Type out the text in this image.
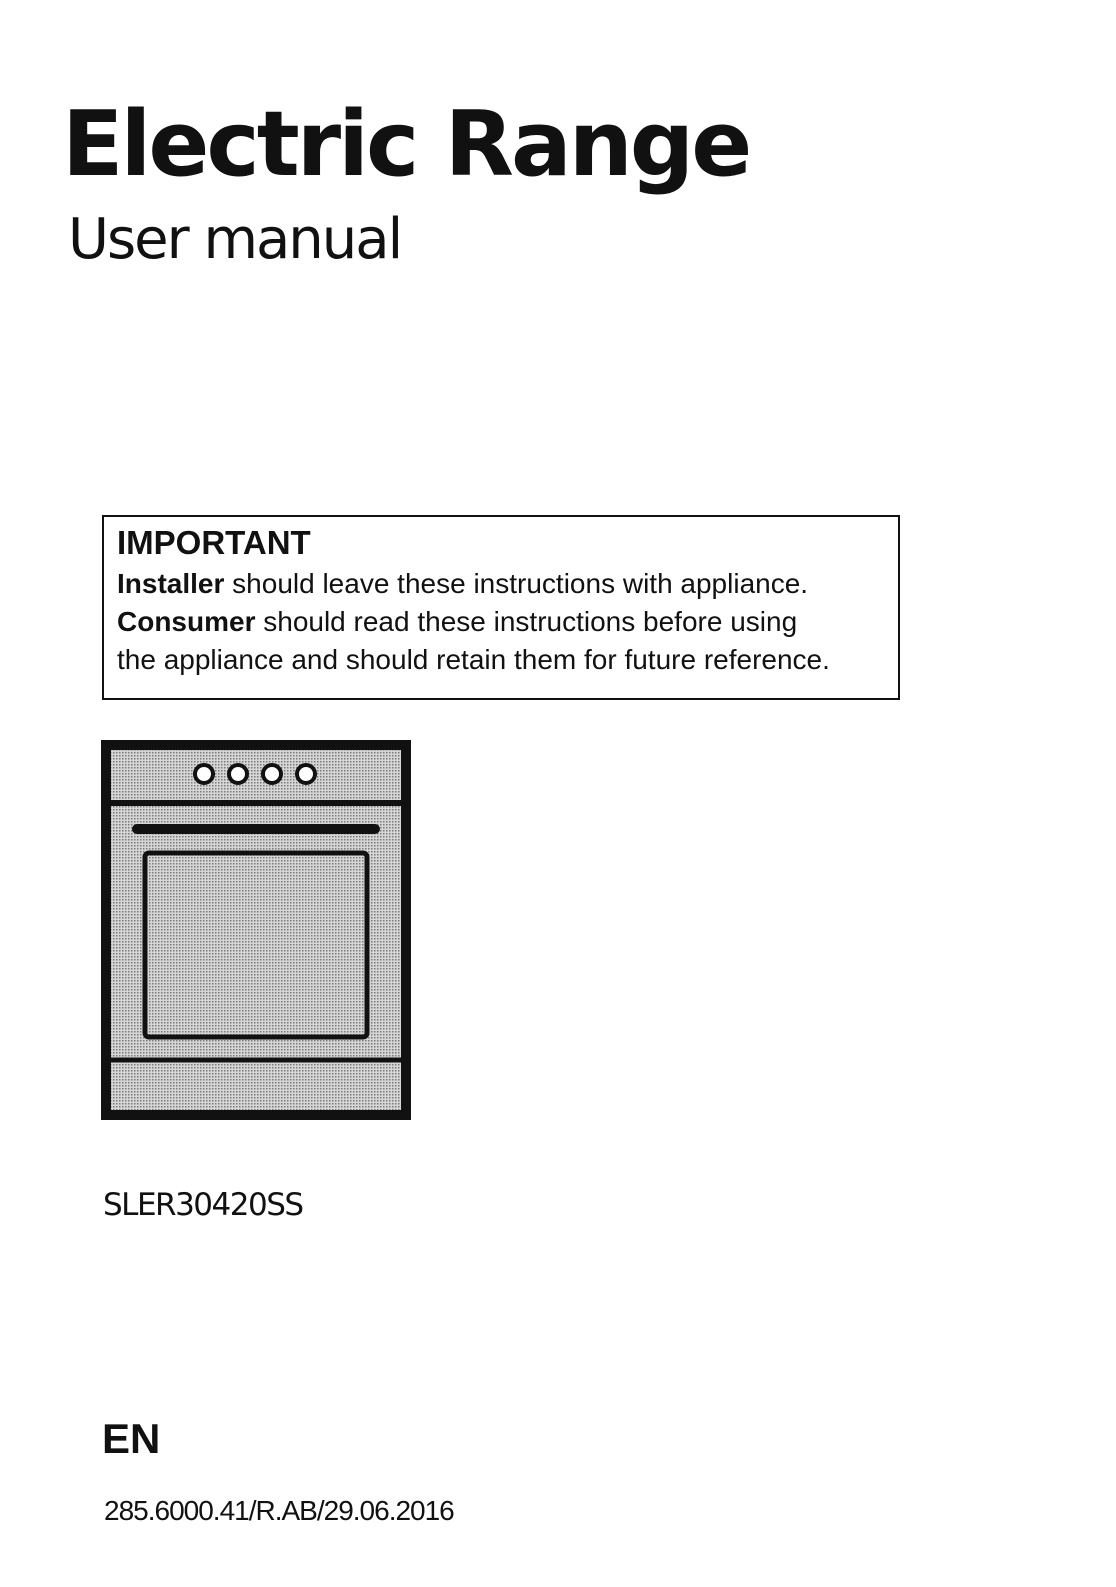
Electric Range
User manual
IMPORTANT
Installer should leave these instructions with appliance.
Consumer should read these instructions before using
the appliance and should retain them for future reference.
SLER30420SS
EN
285.6000.41/R.AB/29.06.2016
